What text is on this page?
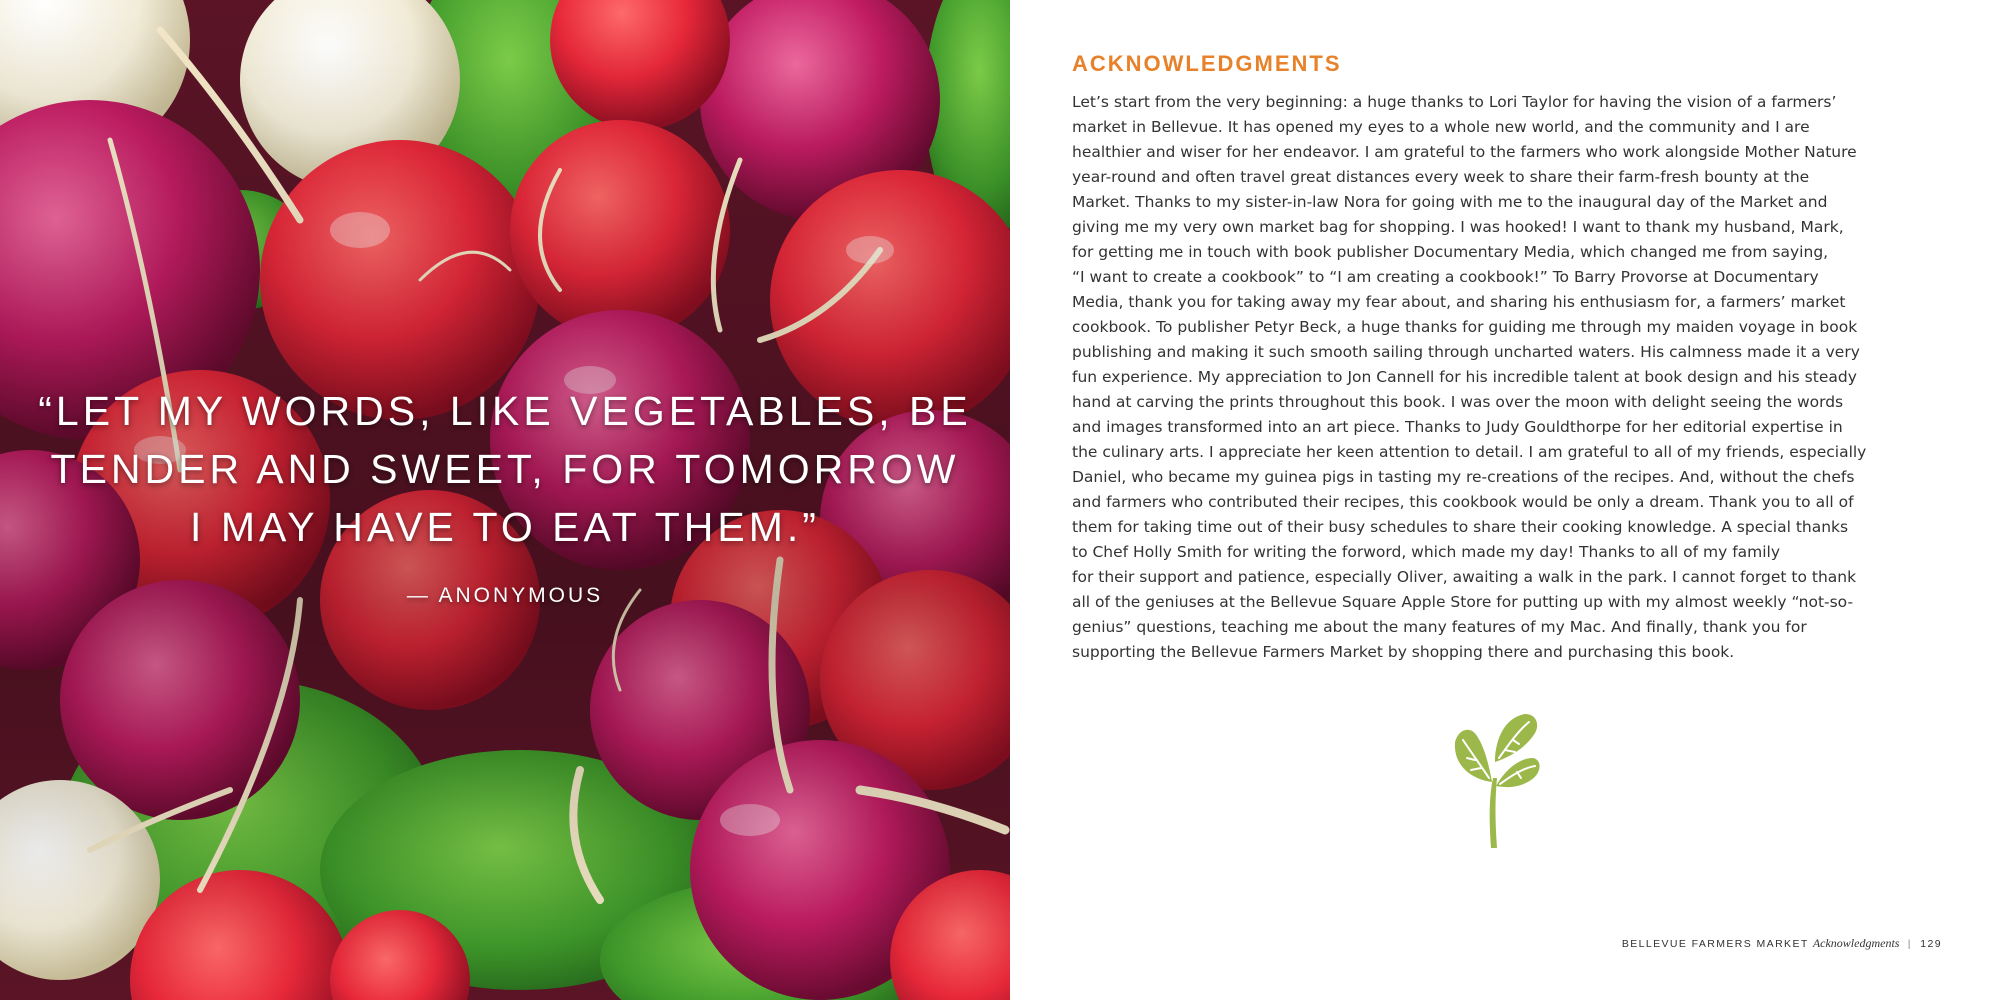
“LET MY WORDS, LIKE VEGETABLES, BE
TENDER AND SWEET, FOR TOMORROW
I MAY HAVE TO EAT THEM.”
— ANONYMOUS
ACKNOWLEDGMENTS
Let’s start from the very beginning: a huge thanks to Lori Taylor for having the vision of a farmers’
market in Bellevue. It has opened my eyes to a whole new world, and the community and I are
healthier and wiser for her endeavor. I am grateful to the farmers who work alongside Mother Nature
year-round and often travel great distances every week to share their farm-fresh bounty at the
Market. Thanks to my sister-in-law Nora for going with me to the inaugural day of the Market and
giving me my very own market bag for shopping. I was hooked! I want to thank my husband, Mark,
for getting me in touch with book publisher Documentary Media, which changed me from saying,
“I want to create a cookbook” to “I am creating a cookbook!” To Barry Provorse at Documentary
Media, thank you for taking away my fear about, and sharing his enthusiasm for, a farmers’ market
cookbook. To publisher Petyr Beck, a huge thanks for guiding me through my maiden voyage in book
publishing and making it such smooth sailing through uncharted waters. His calmness made it a very
fun experience. My appreciation to Jon Cannell for his incredible talent at book design and his steady
hand at carving the prints throughout this book. I was over the moon with delight seeing the words
and images transformed into an art piece. Thanks to Judy Gouldthorpe for her editorial expertise in
the culinary arts. I appreciate her keen attention to detail. I am grateful to all of my friends, especially
Daniel, who became my guinea pigs in tasting my re-creations of the recipes. And, without the chefs
and farmers who contributed their recipes, this cookbook would be only a dream. Thank you to all of
them for taking time out of their busy schedules to share their cooking knowledge. A special thanks
to Chef Holly Smith for writing the forword, which made my day! Thanks to all of my family
for their support and patience, especially Oliver, awaiting a walk in the park. I cannot forget to thank
all of the geniuses at the Bellevue Square Apple Store for putting up with my almost weekly “not-so-
genius” questions, teaching me about the many features of my Mac. And finally, thank you for
supporting the Bellevue Farmers Market by shopping there and purchasing this book.
BELLEVUE FARMERS MARKET Acknowledgments | 129
